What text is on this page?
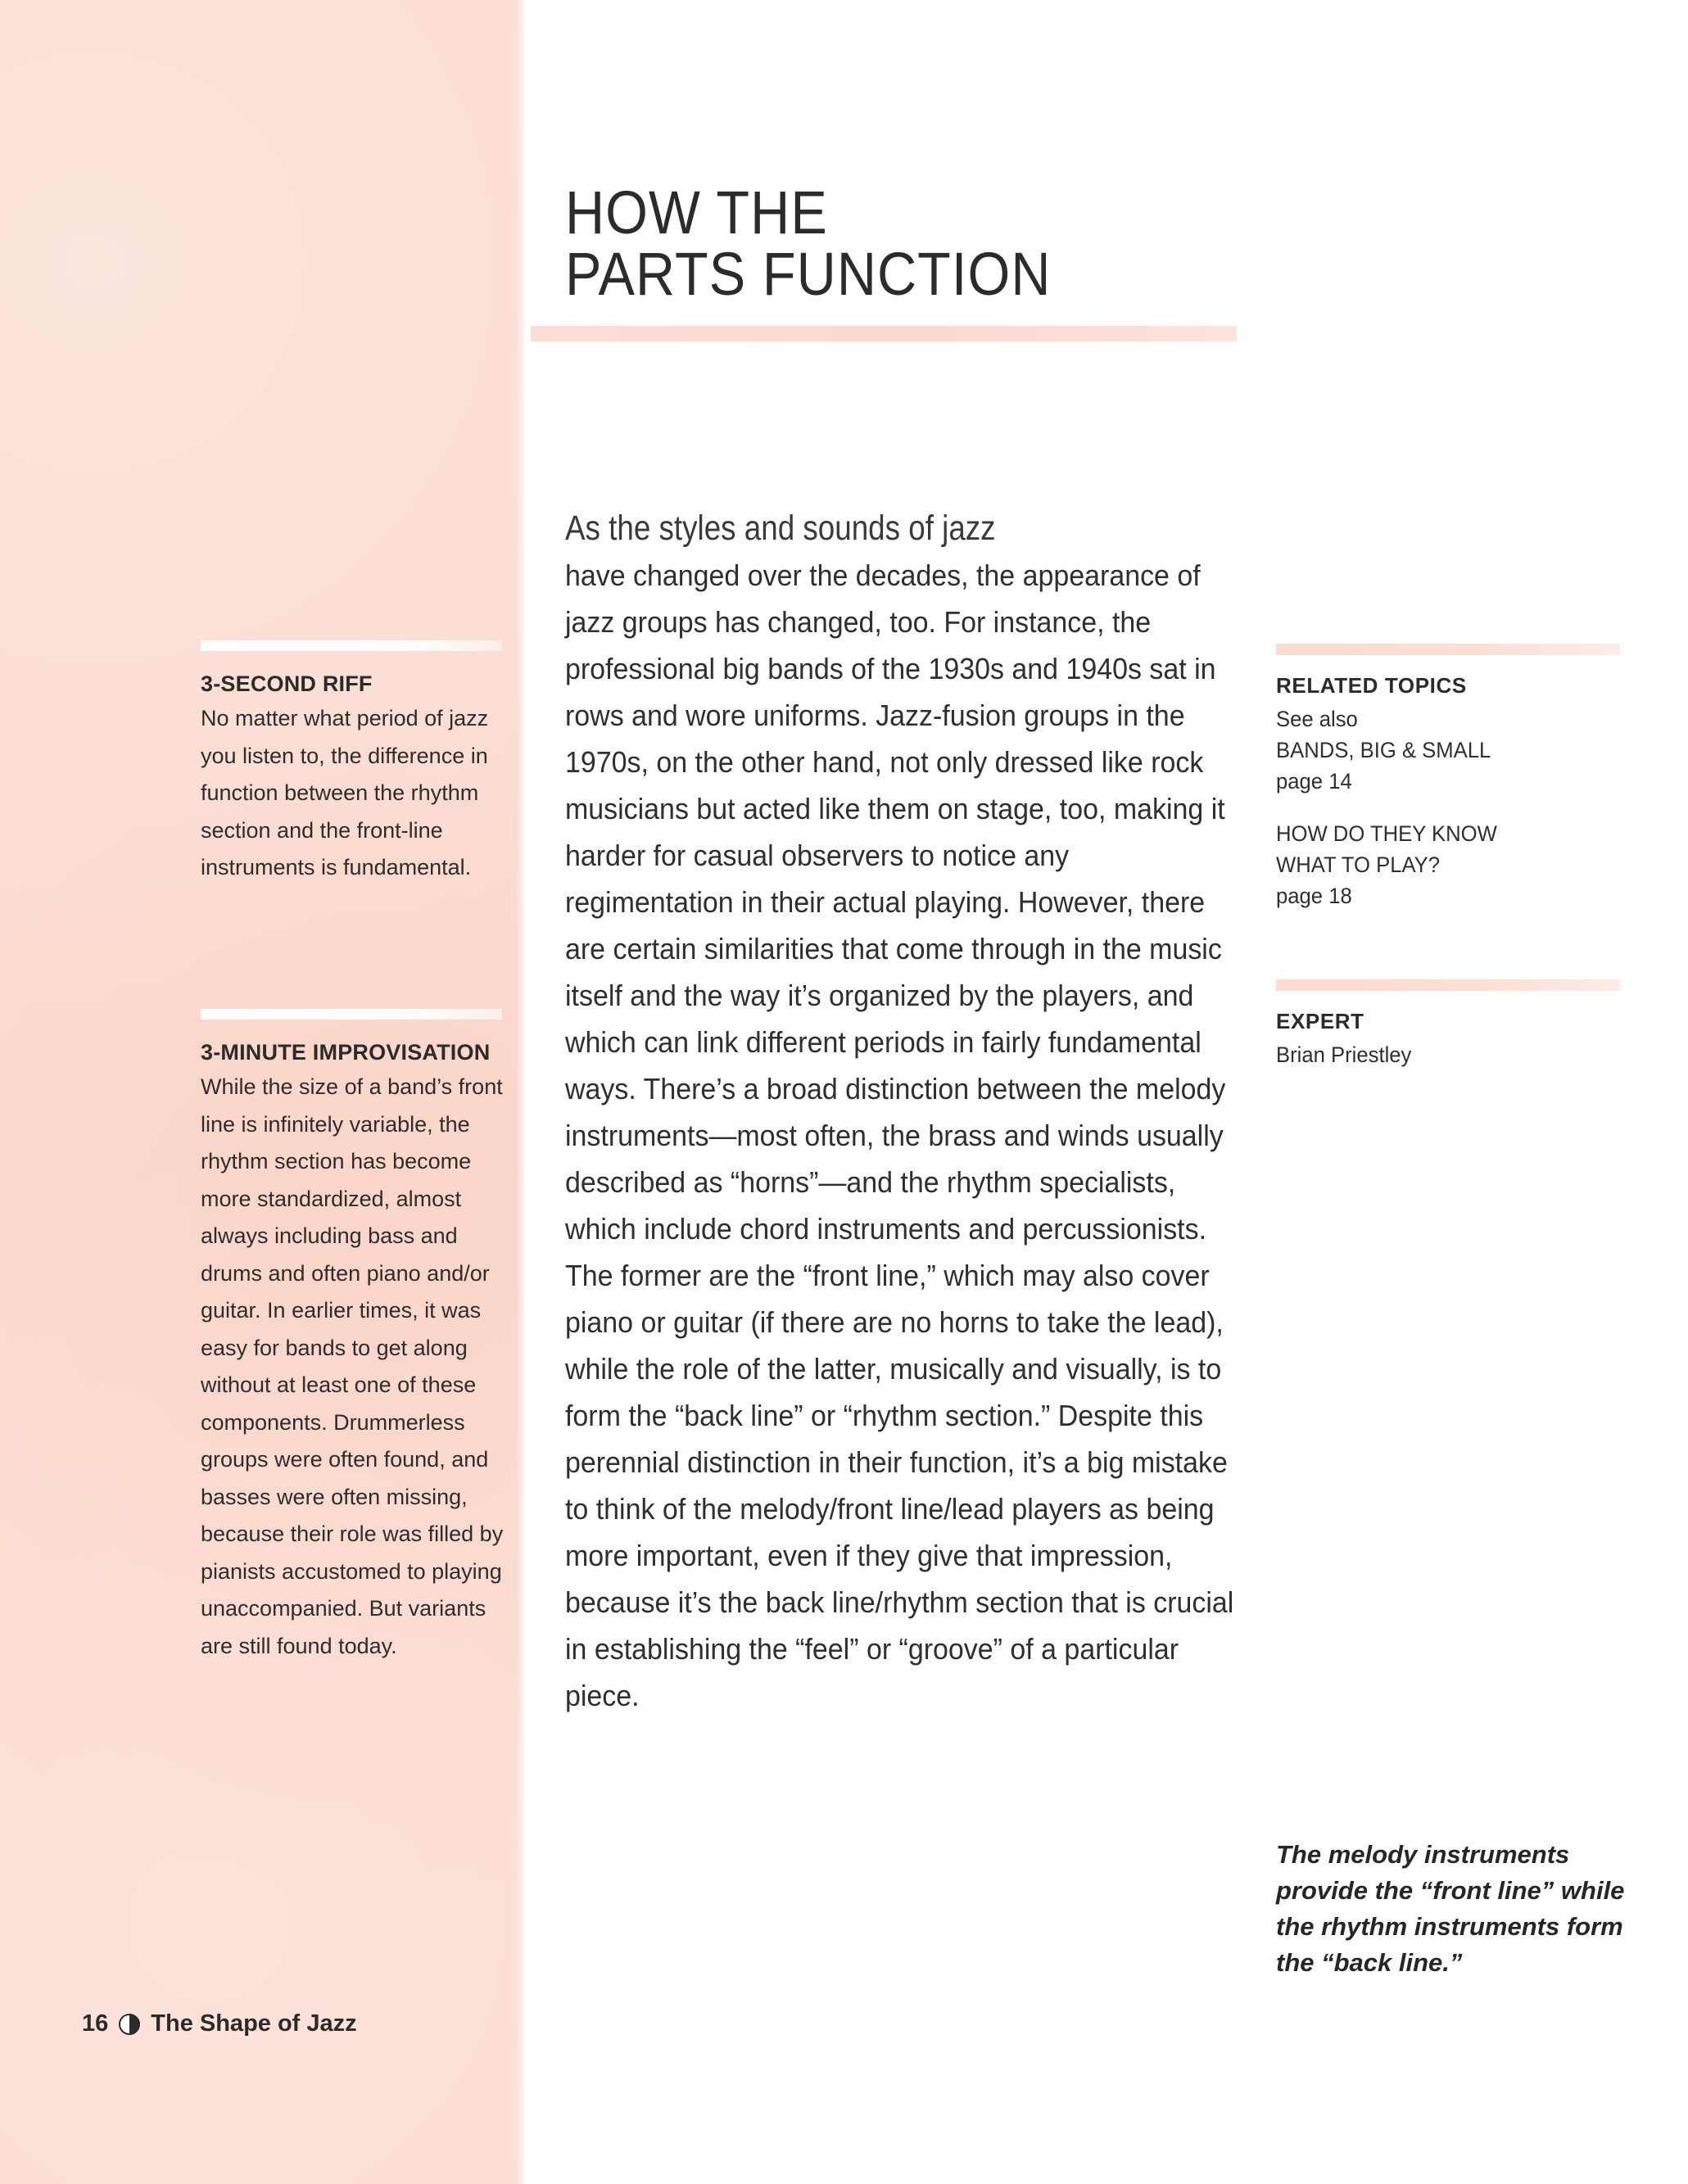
HOW THE
PARTS FUNCTION

As the styles and sounds of jazz
have changed over the decades, the appearance of jazz groups has changed, too. For instance, the professional big bands of the 1930s and 1940s sat in rows and wore uniforms. Jazz-fusion groups in the 1970s, on the other hand, not only dressed like rock musicians but acted like them on stage, too, making it harder for casual observers to notice any regimentation in their actual playing. However, there are certain similarities that come through in the music itself and the way it’s organized by the players, and which can link different periods in fairly fundamental ways. There’s a broad distinction between the melody instruments—most often, the brass and winds usually described as “horns”—and the rhythm specialists, which include chord instruments and percussionists. The former are the “front line,” which may also cover piano or guitar (if there are no horns to take the lead), while the role of the latter, musically and visually, is to form the “back line” or “rhythm section.” Despite this perennial distinction in their function, it’s a big mistake to think of the melody/front line/lead players as being more important, even if they give that impression, because it’s the back line/rhythm section that is crucial in establishing the “feel” or “groove” of a particular piece.

3-SECOND RIFF

No matter what period of jazz you listen to, the difference in function between the rhythm section and the front-line instruments is fundamental.

3-MINUTE IMPROVISATION

While the size of a band’s front line is infinitely variable, the rhythm section has become more standardized, almost always including bass and drums and often piano and/or guitar. In earlier times, it was easy for bands to get along without at least one of these components. Drummerless groups were often found, and basses were often missing, because their role was filled by pianists accustomed to playing unaccompanied. But variants are still found today.

RELATED TOPICS

See also

BANDS, BIG & SMALL

page 14

HOW DO THEY KNOW

WHAT TO PLAY?

page 18

EXPERT

Brian Priestley

The melody instruments provide the “front line” while the rhythm instruments form the “back line.”
16 The Shape of Jazz
